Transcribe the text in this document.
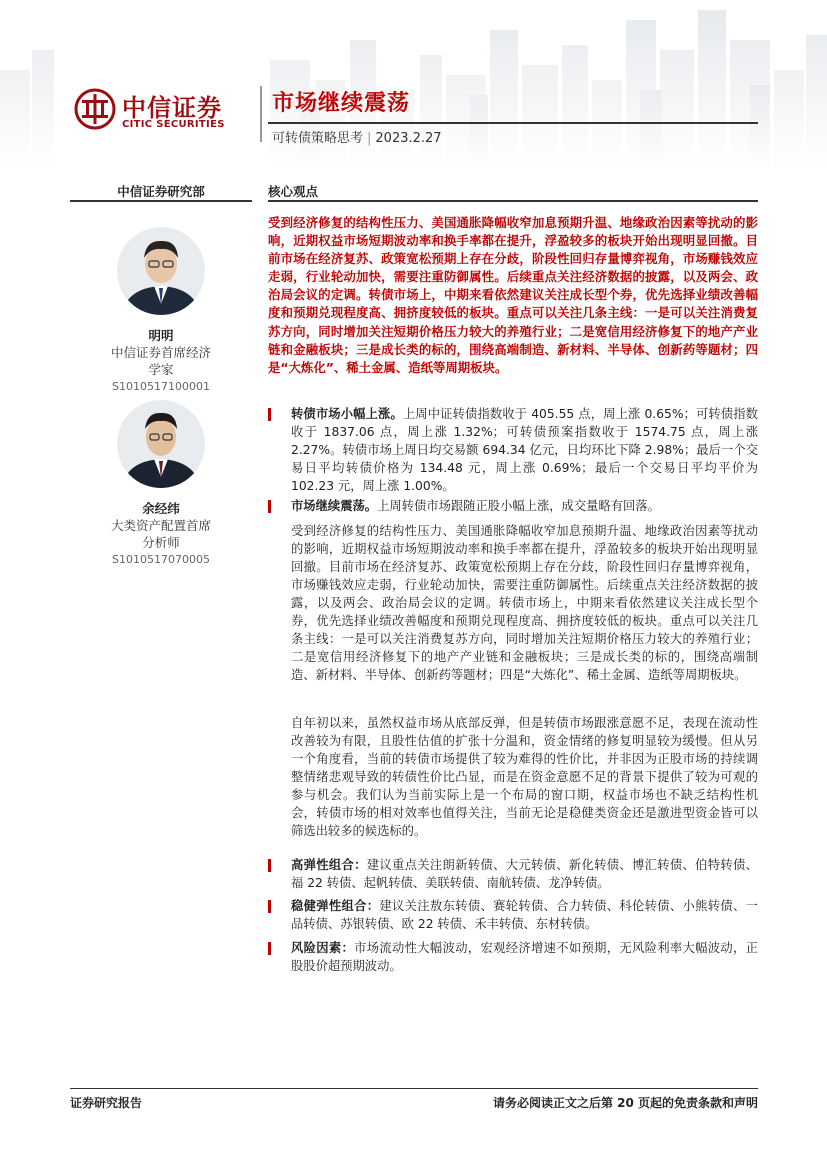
中信证券
CITIC SECURITIES
市场继续震荡
可转债策略思考 | 2023.2.27
中信证券研究部	核心观点
明明
中信证券首席经济
学家
S1010517100001
余经纬
大类资产配置首席
分析师
S1010517070005
受到经济修复的结构性压力、美国通胀降幅收窄加息预期升温、地缘政治因素等扰动的影响，近期权益市场短期波动率和换手率都在提升，浮盈较多的板块开始出现明显回撤。目前市场在经济复苏、政策宽松预期上存在分歧，阶段性回归存量博弈视角，市场赚钱效应走弱，行业轮动加快，需要注重防御属性。后续重点关注经济数据的披露，以及两会、政治局会议的定调。转债市场上，中期来看依然建议关注成长型个券，优先选择业绩改善幅度和预期兑现程度高、拥挤度较低的板块。重点可以关注几条主线：一是可以关注消费复苏方向，同时增加关注短期价格压力较大的养殖行业；二是宽信用经济修复下的地产产业链和金融板块；三是成长类的标的，围绕高端制造、新材料、半导体、创新药等题材；四是“大炼化”、稀土金属、造纸等周期板块。
转债市场小幅上涨。上周中证转债指数收于 405.55 点，周上涨 0.65%；可转债指数收于 1837.06 点，周上涨 1.32%；可转债预案指数收于 1574.75 点，周上涨 2.27%。转债市场上周日均交易额 694.34 亿元，日均环比下降 2.98%；最后一个交易日平均转债价格为 134.48 元，周上涨 0.69%；最后一个交易日平均平价为 102.23 元，周上涨 1.00%。
市场继续震荡。上周转债市场跟随正股小幅上涨，成交量略有回落。
受到经济修复的结构性压力、美国通胀降幅收窄加息预期升温、地缘政治因素等扰动的影响，近期权益市场短期波动率和换手率都在提升，浮盈较多的板块开始出现明显回撤。目前市场在经济复苏、政策宽松预期上存在分歧，阶段性回归存量博弈视角，市场赚钱效应走弱，行业轮动加快，需要注重防御属性。后续重点关注经济数据的披露，以及两会、政治局会议的定调。转债市场上，中期来看依然建议关注成长型个券，优先选择业绩改善幅度和预期兑现程度高、拥挤度较低的板块。重点可以关注几条主线：一是可以关注消费复苏方向，同时增加关注短期价格压力较大的养殖行业；二是宽信用经济修复下的地产产业链和金融板块；三是成长类的标的，围绕高端制造、新材料、半导体、创新药等题材；四是“大炼化”、稀土金属、造纸等周期板块。
自年初以来，虽然权益市场从底部反弹，但是转债市场跟涨意愿不足，表现在流动性改善较为有限，且股性估值的扩张十分温和，资金情绪的修复明显较为缓慢。但从另一个角度看，当前的转债市场提供了较为难得的性价比，并非因为正股市场的持续调整情绪悲观导致的转债性价比凸显，而是在资金意愿不足的背景下提供了较为可观的参与机会。我们认为当前实际上是一个布局的窗口期，权益市场也不缺乏结构性机会，转债市场的相对效率也值得关注，当前无论是稳健类资金还是激进型资金皆可以筛选出较多的候选标的。
高弹性组合：建议重点关注朗新转债、大元转债、新化转债、博汇转债、伯特转债、福 22 转债、起帆转债、美联转债、南航转债、龙净转债。
稳健弹性组合：建议关注敖东转债、赛轮转债、合力转债、科伦转债、小熊转债、一品转债、苏银转债、欧 22 转债、禾丰转债、东材转债。
风险因素：市场流动性大幅波动，宏观经济增速不如预期，无风险利率大幅波动，正股股价超预期波动。
证券研究报告	请务必阅读正文之后第 20 页起的免责条款和声明
